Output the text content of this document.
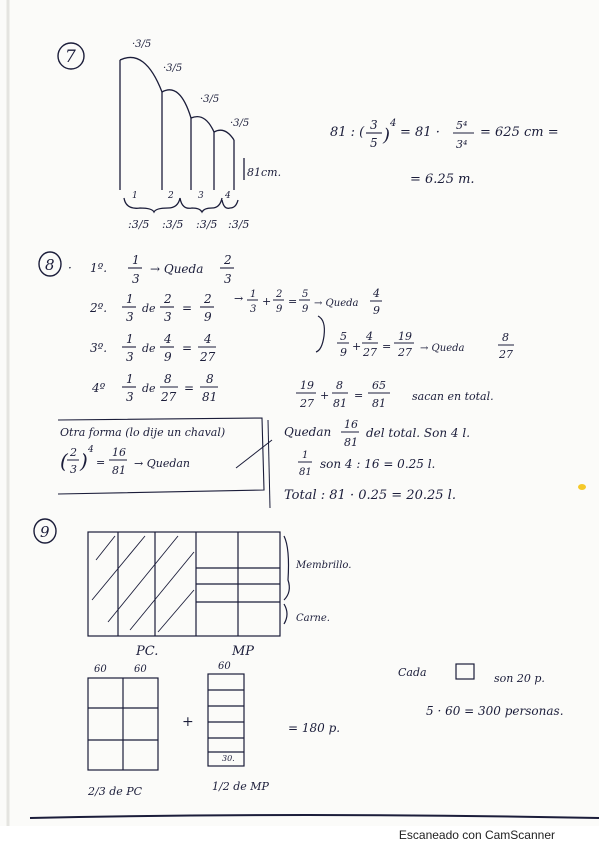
7
·3/5
·3/5
·3/5
·3/5
81cm.
1	2	3 4
:3/5 :3/5 :3/5 :3/5
81 : ( 3
5 )
4
= 81 · 5⁴
3⁴
= 625 cm =
= 6.25 m.
8 · 1º.
1
3
→ Queda
2
3
2º.
1
3
de
2
3
=
2
9
→ 1
3
+
2
9
=
5
9
→ Queda
4
9
3º.
1
3
de
4
9
=
4
27
5
9 +
4
27 =
19
27 → Queda
8
27
4º
1
3
de
8
27
=
8
81
19
27
+
8
81
=
65
81
sacan en total.
Otra forma (lo dije un chaval)
( 2
3 ) 4
=
16
81
→ Quedan
Quedan
16
81
del total. Son 4 l.
1
81
son 4 : 16 = 0.25 l.
Total : 81 · 0.25 = 20.25 l.
9
Membrillo.
Carne.
PC.	MP
60	60
2/3 de PC
+
60
30.
1/2 de MP
= 180 p.
Cada	son 20 p.
5 · 60 = 300 personas.
Escaneado con CamScanner
